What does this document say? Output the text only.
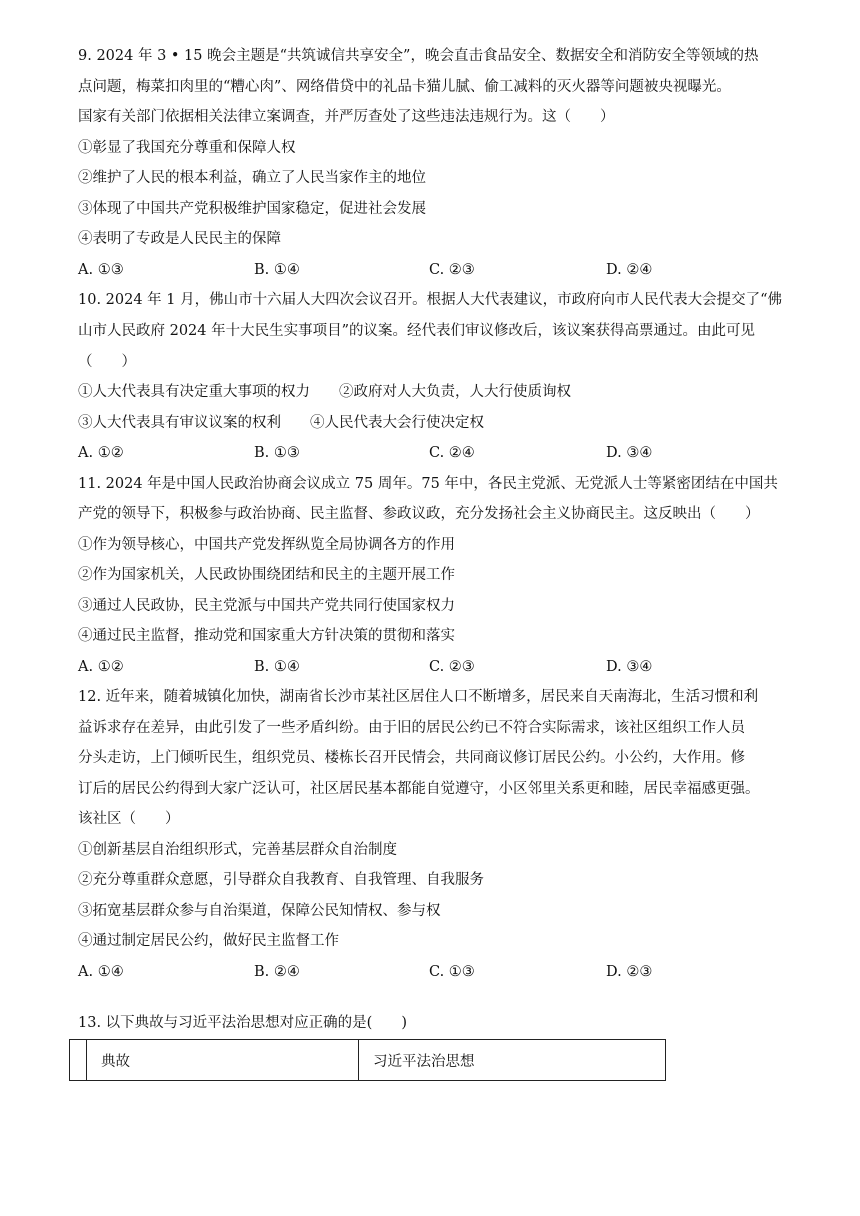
9. 2024 年 3 • 15 晚会主题是“共筑诚信共享安全”，晚会直击食品安全、数据安全和消防安全等领域的热
点问题，梅菜扣肉里的“糟心肉”、网络借贷中的礼品卡猫儿腻、偷工减料的灭火器等问题被央视曝光。
国家有关部门依据相关法律立案调查，并严厉查处了这些违法违规行为。这（　　）
①彰显了我国充分尊重和保障人权
②维护了人民的根本利益，确立了人民当家作主的地位
③体现了中国共产党积极维护国家稳定，促进社会发展
④表明了专政是人民民主的保障
A. ①③	B. ①④	C. ②③	D. ②④
10. 2024 年 1 月，佛山市十六届人大四次会议召开。根据人大代表建议，市政府向市人民代表大会提交了“佛
山市人民政府 2024 年十大民生实事项目”的议案。经代表们审议修改后，该议案获得高票通过。由此可见
（　　）
①人大代表具有决定重大事项的权力　　②政府对人大负责，人大行使质询权
③人大代表具有审议议案的权利　　④人民代表大会行使决定权
A. ①②	B. ①③	C. ②④	D. ③④
11. 2024 年是中国人民政治协商会议成立 75 周年。75 年中，各民主党派、无党派人士等紧密团结在中国共
产党的领导下，积极参与政治协商、民主监督、参政议政，充分发扬社会主义协商民主。这反映出（　　）
①作为领导核心，中国共产党发挥纵览全局协调各方的作用
②作为国家机关，人民政协围绕团结和民主的主题开展工作
③通过人民政协，民主党派与中国共产党共同行使国家权力
④通过民主监督，推动党和国家重大方针决策的贯彻和落实
A. ①②	B. ①④	C. ②③	D. ③④
12. 近年来，随着城镇化加快，湖南省长沙市某社区居住人口不断增多，居民来自天南海北，生活习惯和利
益诉求存在差异，由此引发了一些矛盾纠纷。由于旧的居民公约已不符合实际需求，该社区组织工作人员
分头走访，上门倾听民生，组织党员、楼栋长召开民情会，共同商议修订居民公约。小公约，大作用。修
订后的居民公约得到大家广泛认可，社区居民基本都能自觉遵守，小区邻里关系更和睦，居民幸福感更强。
该社区（　　）
①创新基层自治组织形式，完善基层群众自治制度
②充分尊重群众意愿，引导群众自我教育、自我管理、自我服务
③拓宽基层群众参与自治渠道，保障公民知情权、参与权
④通过制定居民公约，做好民主监督工作
A. ①④	B. ②④	C. ①③	D. ②③
13. 以下典故与习近平法治思想对应正确的是(　　)
	典故	习近平法治思想
